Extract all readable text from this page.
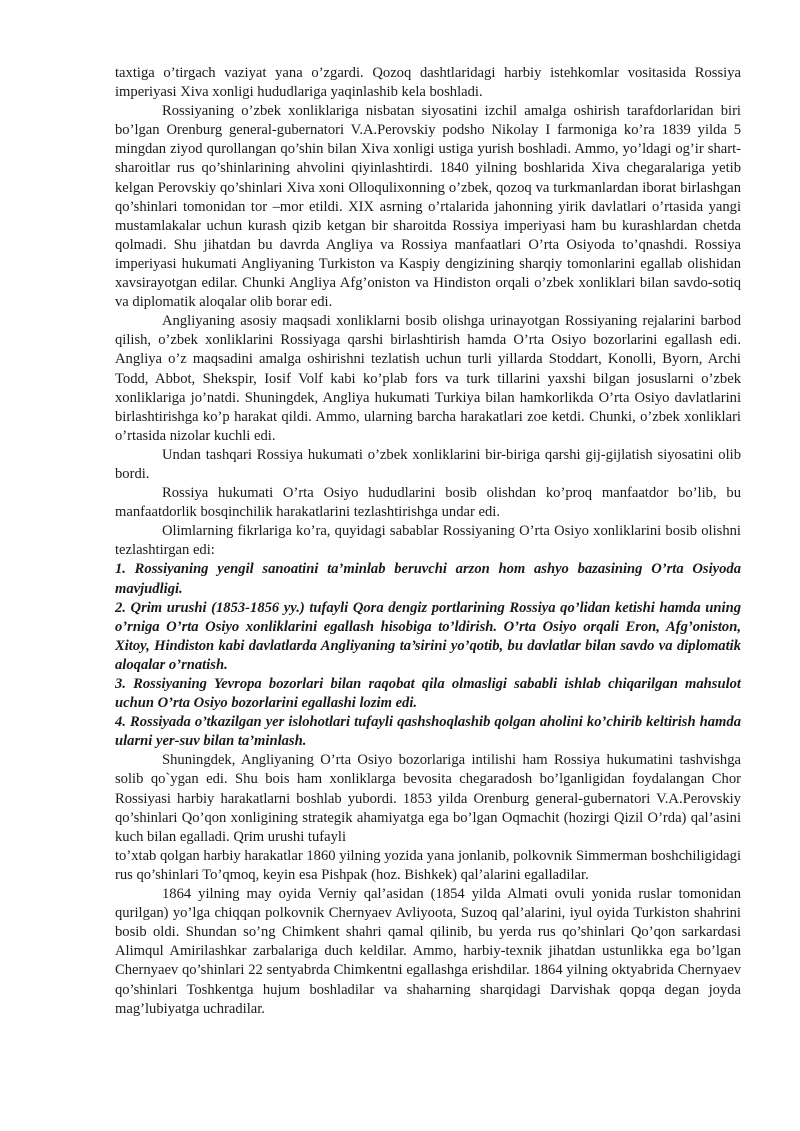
taxtiga o’tirgach vaziyat yana o’zgardi. Qozoq dashtlaridagi harbiy istehkomlar vositasida Rossiya imperiyasi Xiva xonligi hududlariga yaqinlashib kela boshladi.

Rossiyaning o’zbek xonliklariga nisbatan siyosatini izchil amalga oshirish tarafdorlaridan biri bo’lgan Orenburg general-gubernatori V.A.Perovskiy podsho Nikolay I farmoniga ko’ra 1839 yilda 5 mingdan ziyod qurollangan qo’shin bilan Xiva xonligi ustiga yurish boshladi. Ammo, yo’ldagi og’ir shart-sharoitlar rus qo’shinlarining ahvolini qiyinlashtirdi. 1840 yilning boshlarida Xiva chegaralariga yetib kelgan Perovskiy qo’shinlari Xiva xoni Olloqulixonning o’zbek, qozoq va turkmanlardan iborat birlashgan qo’shinlari tomonidan tor –mor etildi. XIX asrning o’rtalarida jahonning yirik davlatlari o’rtasida yangi mustamlakalar uchun kurash qizib ketgan bir sharoitda Rossiya imperiyasi ham bu kurashlardan chetda qolmadi. Shu jihatdan bu davrda Angliya va Rossiya manfaatlari O’rta Osiyoda to’qnashdi. Rossiya imperiyasi hukumati Angliyaning Turkiston va Kaspiy dengizining sharqiy tomonlarini egallab olishidan xavsirayotgan edilar. Chunki Angliya Afg’oniston va Hindiston orqali o’zbek xonliklari bilan savdo-sotiq va diplomatik aloqalar olib borar edi.

Angliyaning asosiy maqsadi xonliklarni bosib olishga urinayotgan Rossiyaning rejalarini barbod qilish, o’zbek xonliklarini Rossiyaga qarshi birlashtirish hamda O’rta Osiyo bozorlarini egallash edi. Angliya o’z maqsadini amalga oshirishni tezlatish uchun turli yillarda Stoddart, Konolli, Byorn, Archi Todd, Abbot, Shekspir, Iosif Volf kabi ko’plab fors va turk tillarini yaxshi bilgan josuslarni o’zbek xonliklariga jo’natdi. Shuningdek, Angliya hukumati Turkiya bilan hamkorlikda O’rta Osiyo davlatlarini birlashtirishga ko’p harakat qildi. Ammo, ularning barcha harakatlari zoe ketdi. Chunki, o’zbek xonliklari o’rtasida nizolar kuchli edi.

Undan tashqari Rossiya hukumati o’zbek xonliklarini bir-biriga qarshi gij-gijlatish siyosatini olib bordi.

Rossiya hukumati O’rta Osiyo hududlarini bosib olishdan ko’proq manfaatdor bo’lib, bu manfaatdorlik bosqinchilik harakatlarini tezlashtirishga undar edi.

Olimlarning fikrlariga ko’ra, quyidagi sabablar Rossiyaning O’rta Osiyo xonliklarini bosib olishni tezlashtirgan edi:

1. Rossiyaning yengil sanoatini ta’minlab beruvchi arzon hom ashyo bazasining O’rta Osiyoda mavjudligi.

2. Qrim urushi (1853-1856 yy.) tufayli Qora dengiz portlarining Rossiya qo’lidan ketishi hamda uning o’rniga O’rta Osiyo xonliklarini egallash hisobiga to’ldirish. O’rta Osiyo orqali Eron, Afg’oniston, Xitoy, Hindiston kabi davlatlarda Angliyaning ta’sirini yo’qotib, bu davlatlar bilan savdo va diplomatik aloqalar o’rnatish.

3. Rossiyaning Yevropa bozorlari bilan raqobat qila olmasligi sababli ishlab chiqarilgan mahsulot uchun O’rta Osiyo bozorlarini egallashi lozim edi.

4. Rossiyada o’tkazilgan yer islohotlari tufayli qashshoqlashib qolgan aholini ko’chirib keltirish hamda ularni yer-suv bilan ta’minlash.

Shuningdek, Angliyaning O’rta Osiyo bozorlariga intilishi ham Rossiya hukumatini tashvishga solib qo`ygan edi. Shu bois ham xonliklarga bevosita chegaradosh bo’lganligidan foydalangan Chor Rossiyasi harbiy harakatlarni boshlab yubordi. 1853 yilda Orenburg general-gubernatori V.A.Perovskiy qo’shinlari Qo’qon xonligining strategik ahamiyatga ega bo’lgan Oqmachit (hozirgi Qizil O’rda) qal’asini kuch bilan egalladi. Qrim urushi tufayli

to’xtab qolgan harbiy harakatlar 1860 yilning yozida yana jonlanib, polkovnik Simmerman boshchiligidagi rus qo’shinlari To’qmoq, keyin esa Pishpak (hoz. Bishkek) qal’alarini egalladilar.

1864 yilning may oyida Verniy qal’asidan (1854 yilda Almati ovuli yonida ruslar tomonidan qurilgan) yo’lga chiqqan polkovnik Chernyaev Avliyoota, Suzoq qal’alarini, iyul oyida Turkiston shahrini bosib oldi. Shundan so’ng Chimkent shahri qamal qilinib, bu yerda rus qo’shinlari Qo’qon sarkardasi Alimqul Amirilashkar zarbalariga duch keldilar. Ammo, harbiy-texnik jihatdan ustunlikka ega bo’lgan Chernyaev qo’shinlari 22 sentyabrda Chimkentni egallashga erishdilar. 1864 yilning oktyabrida Chernyaev qo’shinlari Toshkentga hujum boshladilar va shaharning sharqidagi Darvishak qopqa degan joyda mag’lubiyatga uchradilar.
